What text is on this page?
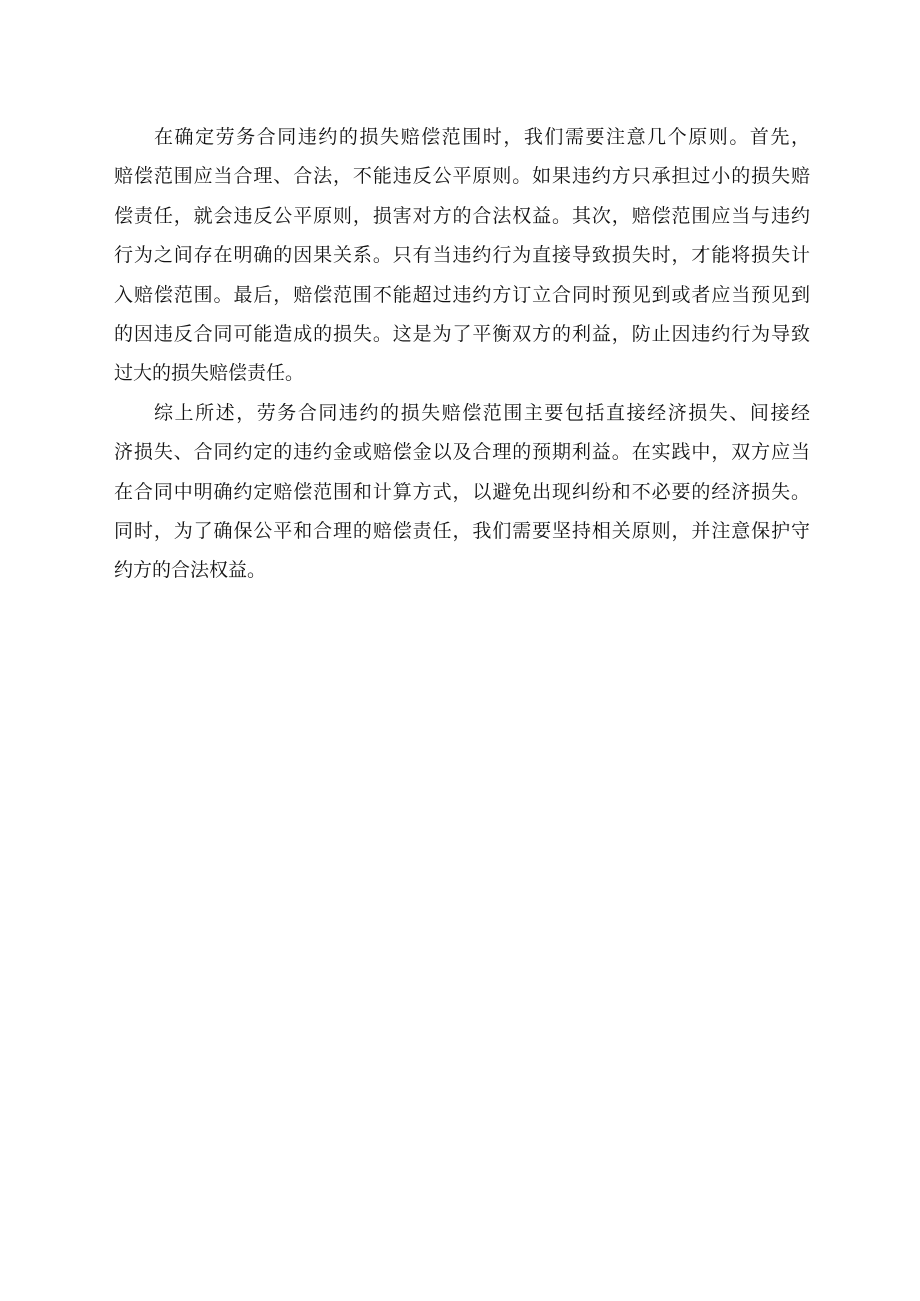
在确定劳务合同违约的损失赔偿范围时，我们需要注意几个原则。首先，
赔偿范围应当合理、合法，不能违反公平原则。如果违约方只承担过小的损失赔
偿责任，就会违反公平原则，损害对方的合法权益。其次，赔偿范围应当与违约
行为之间存在明确的因果关系。只有当违约行为直接导致损失时，才能将损失计
入赔偿范围。最后，赔偿范围不能超过违约方订立合同时预见到或者应当预见到
的因违反合同可能造成的损失。这是为了平衡双方的利益，防止因违约行为导致
过大的损失赔偿责任。
综上所述，劳务合同违约的损失赔偿范围主要包括直接经济损失、间接经
济损失、合同约定的违约金或赔偿金以及合理的预期利益。在实践中，双方应当
在合同中明确约定赔偿范围和计算方式，以避免出现纠纷和不必要的经济损失。
同时，为了确保公平和合理的赔偿责任，我们需要坚持相关原则，并注意保护守
约方的合法权益。
